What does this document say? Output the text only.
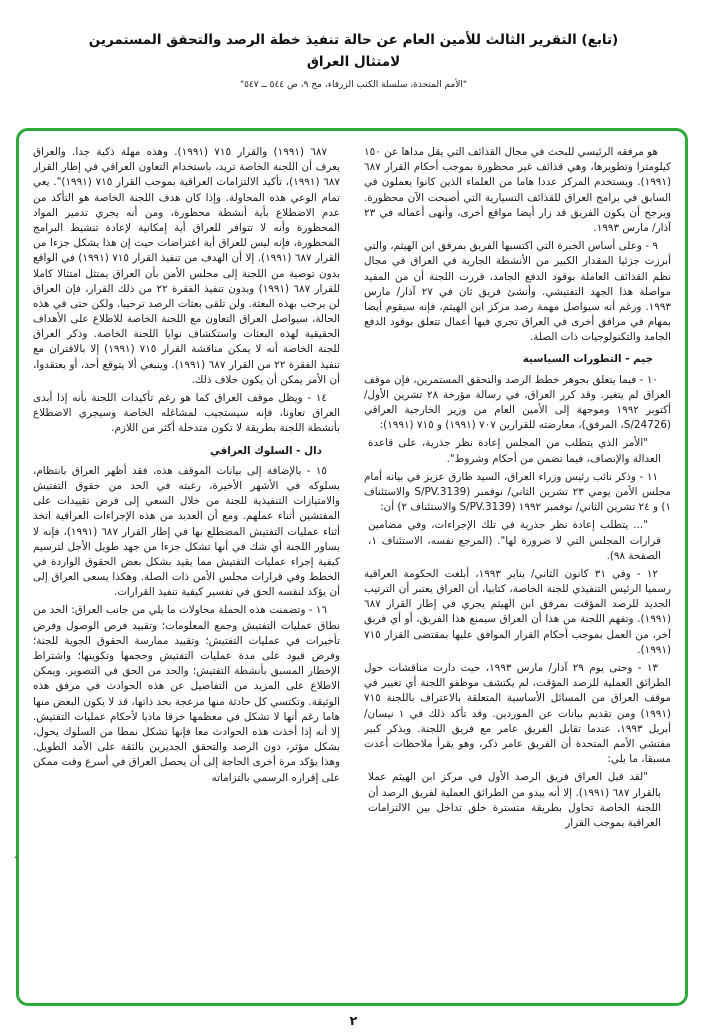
(تابع) التقرير الثالث للأمين العام عن حالة تنفيذ خطة الرصد والتحقق المستمرين
لامتثال العراق
"الأمم المتحدة، سلسلة الكتب الزرقاء، مج ٩، ص ٥٤٤ ــ ٥٤٧"

هو مرفقه الرئيسي للبحث في مجال القذائف التي يقل مداها عن ١٥٠ كيلومترا وتطويرها، وهي قذائف غير محظورة بموجب أحكام القرار ٦٨٧ (١٩٩١). ويستخدم المركز عددا هاما من العلماء الذين كانوا يعملون في السابق في برامج العراق للقذائف التسيارية التي أصبحت الآن محظورة. ويرجح أن يكون الفريق قد زار أيضا مواقع أخرى، وأنهى أعماله في ٢٣ آذار/ مارس ١٩٩٣.

٩ - وعلى أساس الخبرة التي اكتسبها الفريق بمرفق ابن الهيثم، والتي أبرزت جزئيا المقدار الكبير من الأنشطة الجارية في العراق في مجال نظم القذائف العاملة بوقود الدفع الجامد، قررت اللجنة أن من المفيد مواصلة هذا الجهد التفتيشي. وأنشئ فريق ثان في ٢٧ آذار/ مارس ١٩٩٣. ورغم أنه سيواصل مهمة رصد مركز ابن الهيثم، فإنه سيقوم أيضا بمهام في مرافق أخرى في العراق تجري فيها أعمال تتعلق بوقود الدفع الجامد والتكنولوجيات ذات الصلة.

جيم - التطورات السياسية

١٠ - فيما يتعلق بجوهر خطط الرصد والتحقق المستمرين، فإن موقف العراق لم يتغير. وقد كرر العراق، في رسالة مؤرخة ٢٨ تشرين الأول/ أكتوبر ١٩٩٢ وموجهة إلى الأمين العام من وزير الخارجية العراقي (S/24726، المرفق)، معارضته للقرارين ٧٠٧ (١٩٩١) و ٧١٥ (١٩٩١):

"الأمر الذي يتطلب من المجلس إعادة نظر جذرية، على قاعدة العدالة والإنصاف، فيما تضمن من أحكام وشروط".

١١ - وذكر نائب رئيس وزراء العراق، السيد طارق عزيز في بيانه أمام مجلس الأمن يومي ٢٣ تشرين الثاني/ نوفمبر (S/PV.3139 والاستئناف ١) و ٢٤ تشرين الثاني/ نوفمبر ١٩٩٢ (S/PV.3139 والاستئناف ٢) أن:

"... يتطلب إعادة نظر جذرية في تلك الإجراءات، وفي مضامين قرارات المجلس التي لا ضرورة لها". (المرجع نفسه، الاستئناف ١، الصفحة ٩٨).

١٢ - وفي ٣١ كانون الثاني/ يناير ١٩٩٣، أبلغت الحكومة العراقية رسميا الرئيس التنفيذي للجنة الخاصة، كتابيا، أن العراق يعتبر أن الترتيب الجديد للرصد المؤقت بمرفق ابن الهيثم يجري في إطار القرار ٦٨٧ (١٩٩١). وتفهم اللجنة من هذا أن العراق سيمنع هذا الفريق، أو أي فريق آخر، من العمل بموجب أحكام القرار الموافق عليها بمقتضى القرار ٧١٥ (١٩٩١).

١٣ - وحتى يوم ٢٩ آذار/ مارس ١٩٩٣، حيث دارت مناقشات حول الطرائق العملية للرصد المؤقت، لم يكتشف موظفو اللجنة أي تغيير في موقف العراق من المسائل الأساسية المتعلقة بالاعتراف باللجنة ٧١٥ (١٩٩١) ومن تقديم بيانات عن الموردين. وقد تأكد ذلك في ١ نيسان/ أبريل ١٩٩٣، عندما تقابل الفريق عامر مع فريق اللجنة. ويذكر كبير مفتشي الأمم المتحدة أن الفريق عامر ذكر، وهو يقرأ ملاحظات أعدت مسبقا، ما يلي:

"لقد قبل العراق فريق الرصد الأول في مركز ابن الهيثم عملا بالقرار ٦٨٧ (١٩٩١). إلا أنه يبدو من الطرائق العملية لفريق الرصد أن اللجنة الخاصة تحاول بطريقة متسترة خلق تداخل بين الالتزامات العراقية بموجب القرار

٦٨٧ (١٩٩١) والقرار ٧١٥ (١٩٩١). وهذه مهلة ذكية جدا. والعراق يعرف أن اللجنة الخاصة تريد، باستخدام التعاون العراقي في إطار القرار ٦٨٧ (١٩٩١)، تأكيد الالتزامات العراقية بموجب القرار ٧١٥ (١٩٩١)". يعي تمام الوعي هذه المحاولة. وإذا كان هدف اللجنة الخاصة هو التأكد من عدم الاضطلاع بأية أنشطة محظورة، ومن أنه يجري تدمير المواد المحظورة وأنه لا تتوافر للعراق أية إمكانية لإعادة تنشيط البرامج المحظورة، فإنه ليس للعراق أية اعتراضات حيث إن هذا يشكل جزءا من القرار ٦٨٧ (١٩٩١). إلا أن الهدف من تنفيذ القرار ٧١٥ (١٩٩١) في الواقع بدون توصية من اللجنة إلى مجلس الأمن بأن العراق يمتثل امتثالا كاملا للقرار ٦٨٧ (١٩٩١) وبدون تنفيذ الفقرة ٢٢ من ذلك القرار، فإن العراق لن يرحب بهذه البعثة. ولن تلقى بعثات الرصد ترحيبا. ولكن حتى في هذه الحالة، سيواصل العراق التعاون مع اللجنة الخاصة للاطلاع على الأهداف الحقيقية لهذه البعثات واستكشاف نوايا اللجنة الخاصة. وذكر العراق للجنة الخاصة أنه لا يمكن مناقشة القرار ٧١٥ (١٩٩١) إلا بالاقتران مع تنفيذ الفقرة ٢٢ من القرار ٦٨٧ (١٩٩١). وينبغي ألا يتوقع أحد، أو يعتقدوا، أن الأمر يمكن أن يكون خلاف ذلك.

١٤ - ويظل موقف العراق كما هو رغم تأكيدات اللجنة بأنه إذا أبدى العراق تعاونا، فإنه سيستجيب لمشاغله الخاصة وسيجري الاضطلاع بأنشطة اللجنة بطريقة لا تكون متدخلة أكثر من اللازم.

دال - السلوك العراقي

١٥ - بالإضافة إلى بيانات الموقف هذه، فقد أظهر العراق بانتظام، بسلوكه في الأشهر الأخيرة، رغبته في الحد من حقوق التفتيش والامتيازات التنفيذية للجنة من خلال السعي إلى فرض تقييدات على المفتشين أثناء عملهم. ومع أن العديد من هذه الإجراءات العراقية اتخذ أثناء عمليات التفتيش المضطلع بها في إطار القرار ٦٨٧ (١٩٩١)، فإنه لا يساور اللجنة أي شك في أنها تشكل جزءا من جهد طويل الأجل لترسيم كيفية إجراء عمليات التفتيش مما يقيد بشكل بعض الحقوق الواردة في الخطط وفي قرارات مجلس الأمن ذات الصلة. وهكذا يسعى العراق إلى أن يؤكد لنفسه الحق في تفسير كيفية تنفيذ القرارات.

١٦ - وتضمنت هذه الحملة محاولات ما يلي من جانب العراق: الحد من نطاق عمليات التفتيش وجمع المعلومات؛ وتقييد فرص الوصول وفرض تأخيرات في عمليات التفتيش؛ وتقييد ممارسة الحقوق الجوية للجنة؛ وفرض قيود على مدة عمليات التفتيش وحجمها وتكوينها؛ واشتراط الإخطار المسبق بأنشطة التفتيش؛ والحد من الحق في التصوير. ويمكن الاطلاع على المزيد من التفاصيل عن هذه الحوادث في مرفق هذه الوثيقة. وتكتسي كل حادثة منها مزعجة بحد ذاتها، قد لا يكون البعض منها هاما رغم أنها لا تشكل في معظمها خرقا ماديا لأحكام عمليات التفتيش. إلا أنه إذا أخذت هذه الحوادث معا فإنها تشكل نمطا من السلوك يحول، بشكل مؤثر، دون الرصد والتحقق الجديرين بالثقة على الأمد الطويل. وهذا يؤكد مرة أخرى الحاجة إلى أن يحصل العراق في أسرع وقت ممكن على إقراره الرسمي بالتزاماته

.
٢
